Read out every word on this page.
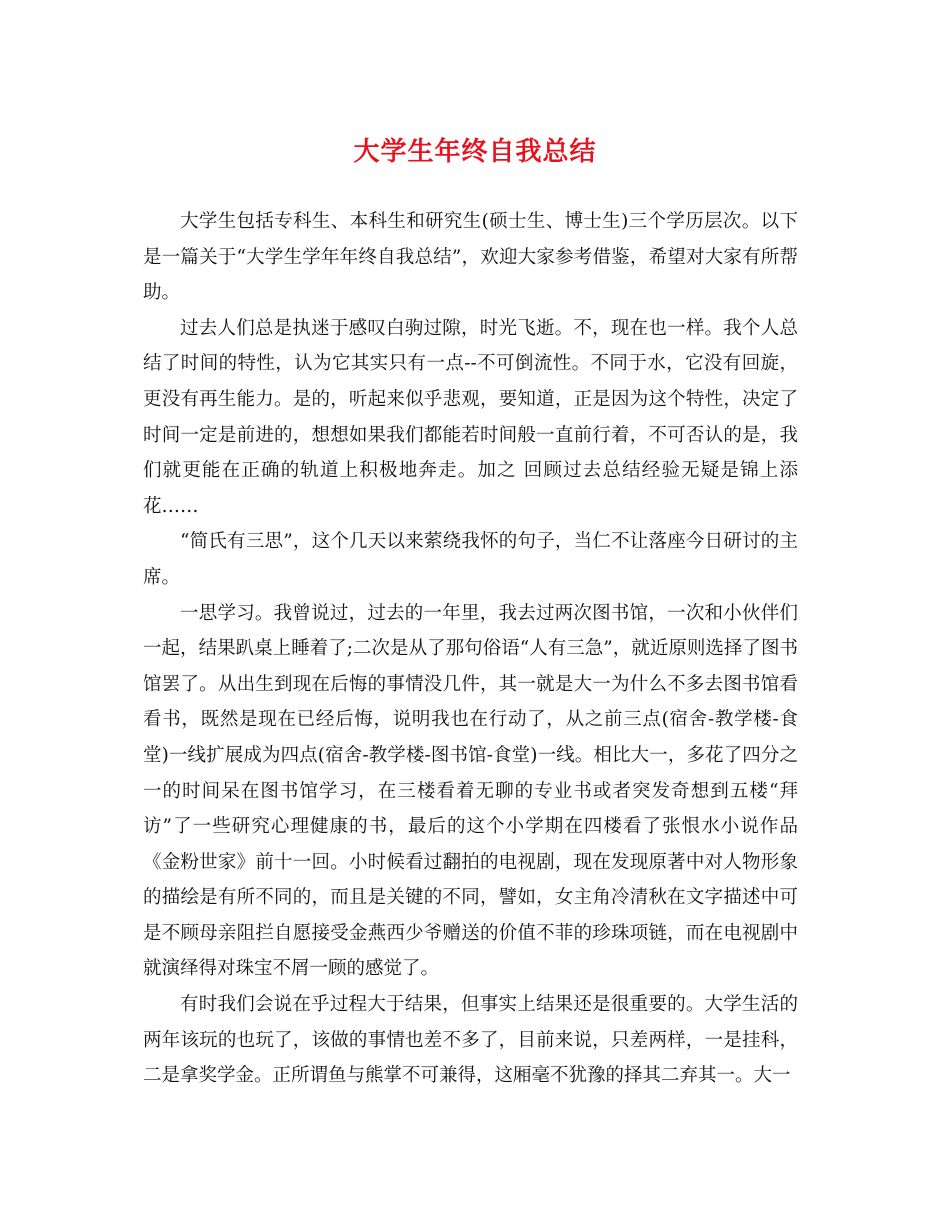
大学生年终自我总结

大学生包括专科生、本科生和研究生(硕士生、博士生)三个学历层次。以下是一篇关于“大学生学年年终自我总结”，欢迎大家参考借鉴，希望对大家有所帮助。

过去人们总是执迷于感叹白驹过隙，时光飞逝。不，现在也一样。我个人总结了时间的特性，认为它其实只有一点--不可倒流性。不同于水，它没有回旋，更没有再生能力。是的，听起来似乎悲观，要知道，正是因为这个特性，决定了时间一定是前进的，想想如果我们都能若时间般一直前行着，不可否认的是，我们就更能在正确的轨道上积极地奔走。加之 回顾过去总结经验无疑是锦上添花……

“简氏有三思”，这个几天以来萦绕我怀的句子，当仁不让落座今日研讨的主席。

一思学习。我曾说过，过去的一年里，我去过两次图书馆，一次和小伙伴们一起，结果趴桌上睡着了;二次是从了那句俗语“人有三急”，就近原则选择了图书馆罢了。从出生到现在后悔的事情没几件，其一就是大一为什么不多去图书馆看看书，既然是现在已经后悔，说明我也在行动了，从之前三点(宿舍-教学楼-食堂)一线扩展成为四点(宿舍-教学楼-图书馆-食堂)一线。相比大一，多花了四分之一的时间呆在图书馆学习，在三楼看着无聊的专业书或者突发奇想到五楼“拜访”了一些研究心理健康的书，最后的这个小学期在四楼看了张恨水小说作品《金粉世家》前十一回。小时候看过翻拍的电视剧，现在发现原著中对人物形象的描绘是有所不同的，而且是关键的不同，譬如，女主角冷清秋在文字描述中可是不顾母亲阻拦自愿接受金燕西少爷赠送的价值不菲的珍珠项链，而在电视剧中就演绎得对珠宝不屑一顾的感觉了。

有时我们会说在乎过程大于结果，但事实上结果还是很重要的。大学生活的两年该玩的也玩了，该做的事情也差不多了，目前来说，只差两样，一是挂科，二是拿奖学金。正所谓鱼与熊掌不可兼得，这厢毫不犹豫的择其二弃其一。大一
